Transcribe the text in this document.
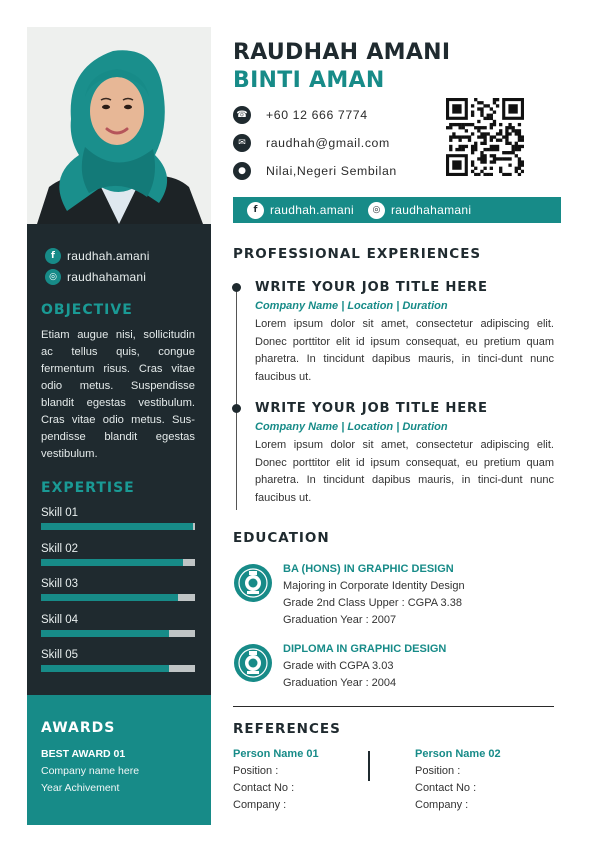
f	raudhah.amani
◎ raudhahamani
OBJECTIVE
Etiam augue nisi, sollicitudin ac tellus quis, congue fermentum risus. Cras vitae odio metus. Suspendisse blandit egestas vestibulum. Cras vitae odio metus. Sus-pendisse blandit egestas vestibulum.
EXPERTISE
Skill 01
Skill 02
Skill 03
Skill 04
Skill 05
AWARDS
BEST AWARD 01
Company name here
Year Achivement
RAUDHAH AMANI
BINTI AMAN
☎ +60 12 666 7774
✉	raudhah@gmail.com
●	Nilai,Negeri Sembilan
f	raudhah.amani	◎ raudhahamani
PROFESSIONAL EXPERIENCES
WRITE YOUR JOB TITLE HERE
Company Name | Location | Duration
Lorem ipsum dolor sit amet, consectetur adipiscing elit. Donec porttitor elit id ipsum consequat, eu pretium quam pharetra. In tincidunt dapibus mauris, in tinci-dunt nunc faucibus ut.
WRITE YOUR JOB TITLE HERE
Company Name | Location | Duration
Lorem ipsum dolor sit amet, consectetur adipiscing elit. Donec porttitor elit id ipsum consequat, eu pretium quam pharetra. In tincidunt dapibus mauris, in tinci-dunt nunc faucibus ut.
EDUCATION
BA (HONS) IN GRAPHIC DESIGN
Majoring in Corporate Identity Design
Grade 2nd Class Upper : CGPA 3.38
Graduation Year : 2007
DIPLOMA IN GRAPHIC DESIGN
Grade with CGPA 3.03
Graduation Year : 2004
REFERENCES
Person Name 01
Position :
Contact No :
Company :
Person Name 02
Position :
Contact No :
Company :
